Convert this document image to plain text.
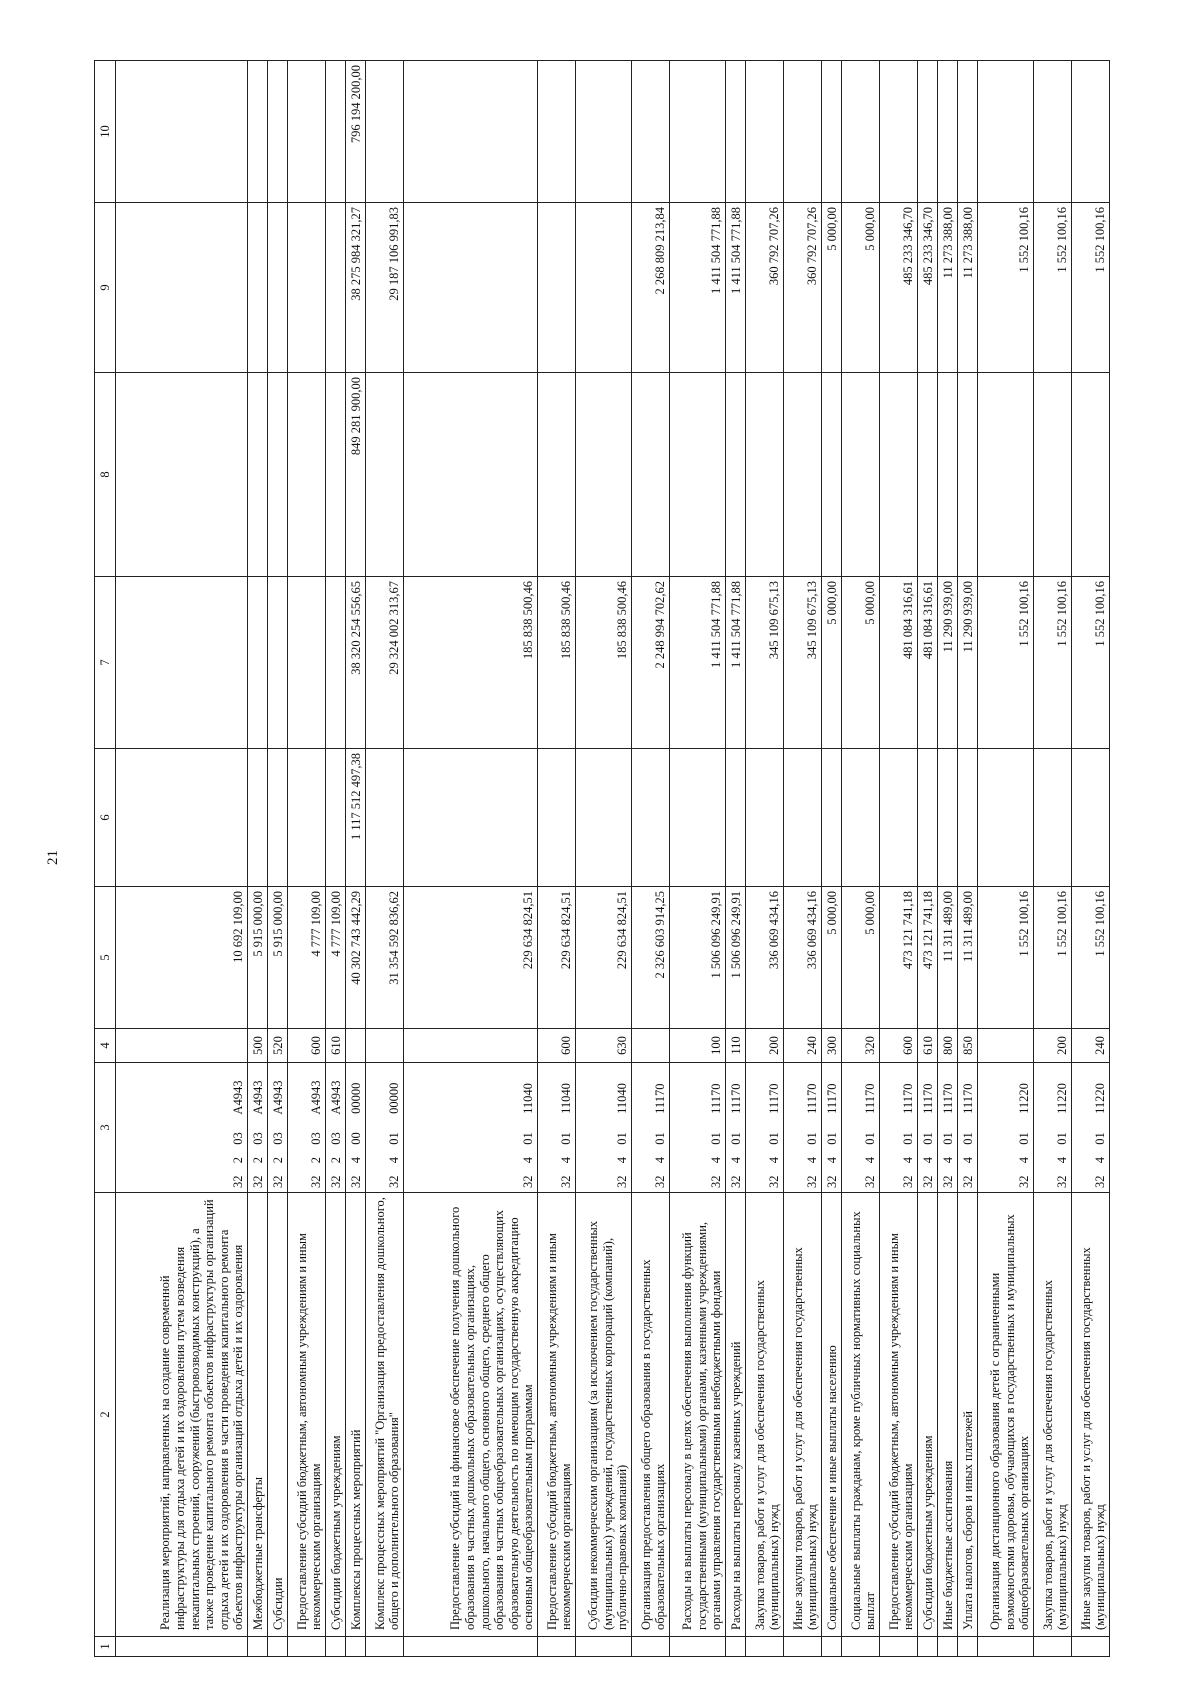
21
1	2	3	4	5	6	7	8	9	10
	Реализация мероприятий, направленных на создание современной инфраструктуры для отдыха детей и их оздоровления путем возведения некапитальных строений, сооружений (быстровозводимых конструкций), а также проведение капитального ремонта объектов инфраструктуры организаций отдыха детей и их оздоровления в части проведения капитального ремонта объектов инфраструктуры организаций отдыха детей и их оздоровления	32  2  03   A4943		10 692 109,00					
	Межбюджетные трансферты	32  2  03   A4943	500	5 915 000,00					
	Субсидии	32  2  03   A4943	520	5 915 000,00					
	Предоставление субсидий бюджетным, автономным учреждениям и иным некоммерческим организациям	32  2  03   A4943	600	4 777 109,00					
	Субсидии бюджетным учреждениям	32  2  03   A4943	610	4 777 109,00					
	Комплексы процессных мероприятий	32  4  00   00000		40 302 743 442,29	1 117 512 497,38	38 320 254 556,65	849 281 900,00	38 275 984 321,27	796 194 200,00
	Комплекс процессных мероприятий "Организация предоставления дошкольного, общего и дополнительного образования"	32  4  01   00000		31 354 592 836,62		29 324 002 313,67		29 187 106 991,83	
	Предоставление субсидий на финансовое обеспечение получения дошкольного образования в частных дошкольных образовательных организациях, дошкольного, начального общего, основного общего, среднего общего образования в частных общеобразовательных организациях, осуществляющих образовательную деятельность по имеющим государственную аккредитацию основным общеобразовательным программам	32  4  01   11040		229 634 824,51		185 838 500,46			
	Предоставление субсидий бюджетным, автономным учреждениям и иным некоммерческим организациям	32  4  01   11040	600	229 634 824,51		185 838 500,46			
	Субсидии некоммерческим организациям (за исключением государственных (муниципальных) учреждений, государственных корпораций (компаний), публично-правовых компаний)	32  4  01   11040	630	229 634 824,51		185 838 500,46			
	Организация предоставления общего образования в государственных образовательных организациях	32  4  01   11170		2 326 603 914,25		2 248 994 702,62		2 268 809 213,84	
	Расходы на выплаты персоналу в целях обеспечения выполнения функций государственными (муниципальными) органами, казенными учреждениями, органами управления государственными внебюджетными фондами	32  4  01   11170	100	1 506 096 249,91		1 411 504 771,88		1 411 504 771,88	
	Расходы на выплаты персоналу казенных учреждений	32  4  01   11170	110	1 506 096 249,91		1 411 504 771,88		1 411 504 771,88	
	Закупка товаров, работ и услуг для обеспечения государственных (муниципальных) нужд	32  4  01   11170	200	336 069 434,16		345 109 675,13		360 792 707,26	
	Иные закупки товаров, работ и услуг для обеспечения государственных (муниципальных) нужд	32  4  01   11170	240	336 069 434,16		345 109 675,13		360 792 707,26	
	Социальное обеспечение и иные выплаты населению	32  4  01   11170	300	5 000,00		5 000,00		5 000,00	
	Социальные выплаты гражданам, кроме публичных нормативных социальных выплат	32  4  01   11170	320	5 000,00		5 000,00		5 000,00	
	Предоставление субсидий бюджетным, автономным учреждениям и иным некоммерческим организациям	32  4  01   11170	600	473 121 741,18		481 084 316,61		485 233 346,70	
	Субсидии бюджетным учреждениям	32  4  01   11170	610	473 121 741,18		481 084 316,61		485 233 346,70	
	Иные бюджетные ассигнования	32  4  01   11170	800	11 311 489,00		11 290 939,00		11 273 388,00	
	Уплата налогов, сборов и иных платежей	32  4  01   11170	850	11 311 489,00		11 290 939,00		11 273 388,00	
	Организация дистанционного образования детей с ограниченными возможностями здоровья, обучающихся в государственных и муниципальных общеобразовательных организациях	32  4  01   11220		1 552 100,16		1 552 100,16		1 552 100,16	
	Закупка товаров, работ и услуг для обеспечения государственных (муниципальных) нужд	32  4  01   11220	200	1 552 100,16		1 552 100,16		1 552 100,16	
	Иные закупки товаров, работ и услуг для обеспечения государственных (муниципальных) нужд	32  4  01   11220	240	1 552 100,16		1 552 100,16		1 552 100,16	
